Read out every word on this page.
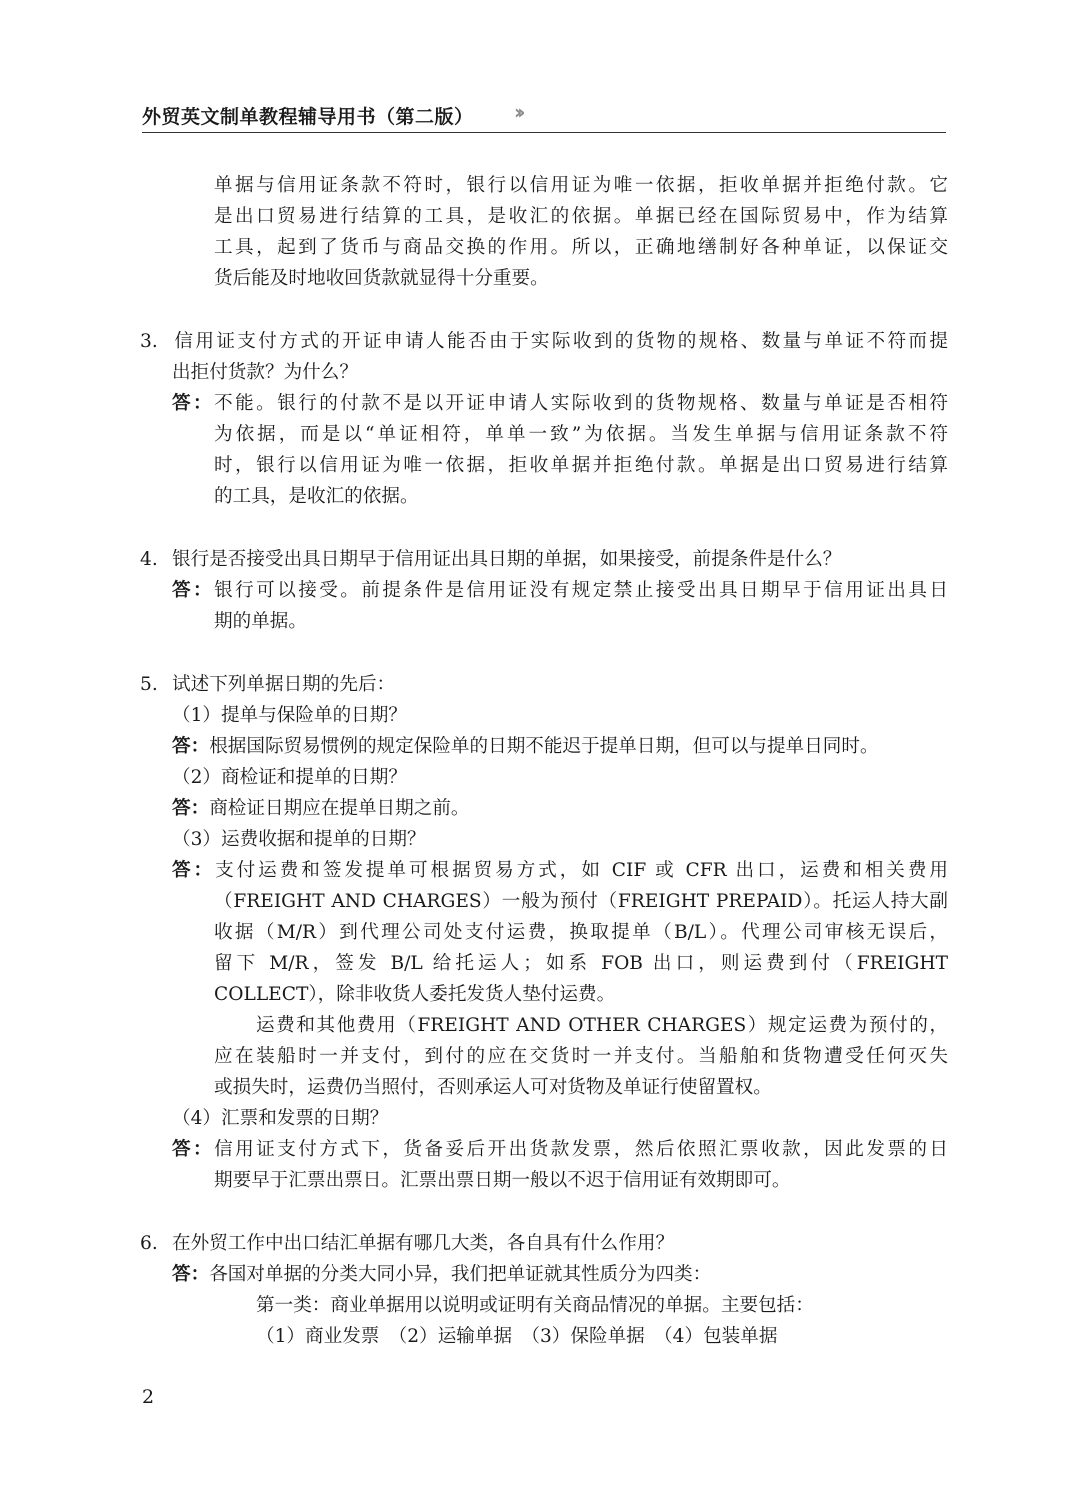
外贸英文制单教程辅导用书（第二版） ››
单据与信用证条款不符时，银行以信用证为唯一依据，拒收单据并拒绝付款。它
是出口贸易进行结算的工具，是收汇的依据。单据已经在国际贸易中，作为结算
工具，起到了货币与商品交换的作用。所以，正确地缮制好各种单证，以保证交
货后能及时地收回货款就显得十分重要。
3. 信用证支付方式的开证申请人能否由于实际收到的货物的规格、数量与单证不符而提
出拒付货款？为什么？
答：不能。银行的付款不是以开证申请人实际收到的货物规格、数量与单证是否相符
为依据，而是以“单证相符，单单一致”为依据。当发生单据与信用证条款不符
时，银行以信用证为唯一依据，拒收单据并拒绝付款。单据是出口贸易进行结算
的工具，是收汇的依据。
4. 银行是否接受出具日期早于信用证出具日期的单据，如果接受，前提条件是什么？
答：银行可以接受。前提条件是信用证没有规定禁止接受出具日期早于信用证出具日
期的单据。
5. 试述下列单据日期的先后：
（1）提单与保险单的日期？
答：根据国际贸易惯例的规定保险单的日期不能迟于提单日期，但可以与提单日同时。
（2）商检证和提单的日期？
答：商检证日期应在提单日期之前。
（3）运费收据和提单的日期？
答：支付运费和签发提单可根据贸易方式，如 CIF 或 CFR 出口，运费和相关费用
（FREIGHT AND CHARGES）一般为预付（FREIGHT PREPAID）。托运人持大副
收据（M/R）到代理公司处支付运费，换取提单（B/L）。代理公司审核无误后，
留下 M/R，签发 B/L 给托运人；如系 FOB 出口，则运费到付（FREIGHT
COLLECT），除非收货人委托发货人垫付运费。
运费和其他费用（FREIGHT AND OTHER CHARGES）规定运费为预付的，
应在装船时一并支付，到付的应在交货时一并支付。当船舶和货物遭受任何灭失
或损失时，运费仍当照付，否则承运人可对货物及单证行使留置权。
（4）汇票和发票的日期？
答：信用证支付方式下，货备妥后开出货款发票，然后依照汇票收款，因此发票的日
期要早于汇票出票日。汇票出票日期一般以不迟于信用证有效期即可。
6. 在外贸工作中出口结汇单据有哪几大类，各自具有什么作用？
答：各国对单据的分类大同小异，我们把单证就其性质分为四类：
第一类：商业单据用以说明或证明有关商品情况的单据。主要包括：
（1）商业发票　（2）运输单据　（3）保险单据　（4）包装单据
2
